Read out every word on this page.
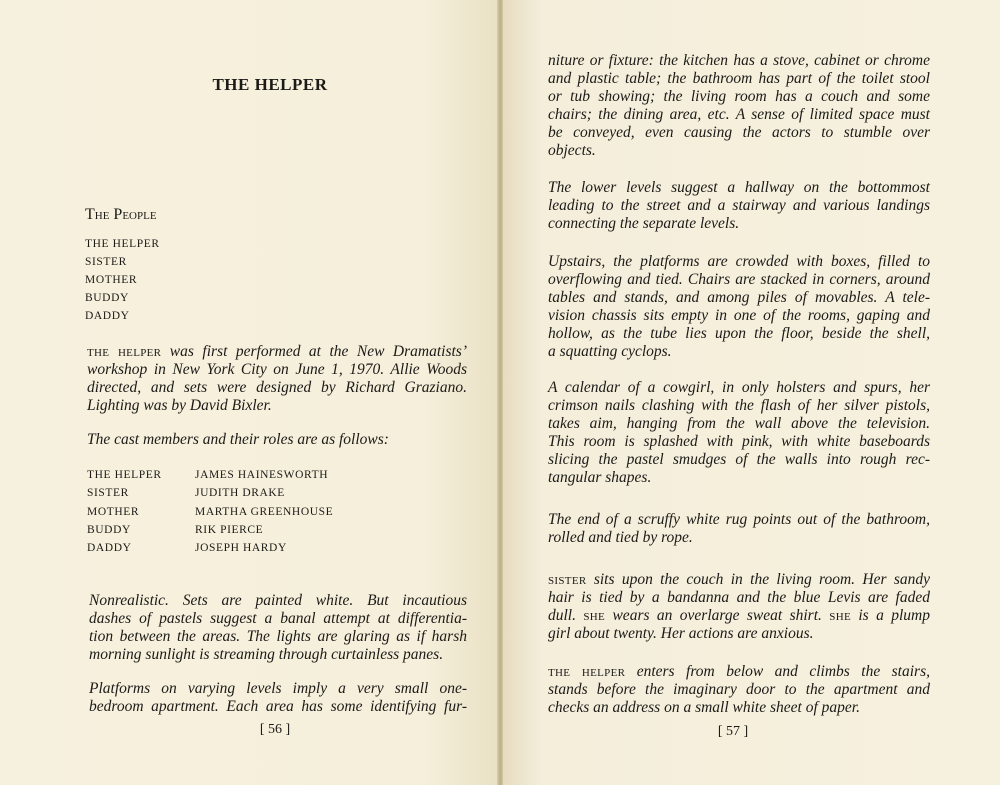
THE HELPER
The People
THE HELPER
SISTER
MOTHER
BUDDY
DADDY
the helper was first performed at the New Dramatists’
workshop in New York City on June 1, 1970. Allie Woods
directed, and sets were designed by Richard Graziano.
Lighting was by David Bixler.
The cast members and their roles are as follows:
THE HELPER	JAMES HAINESWORTH
SISTER	JUDITH DRAKE
MOTHER	MARTHA GREENHOUSE
BUDDY	RIK PIERCE
DADDY	JOSEPH HARDY
Nonrealistic. Sets are painted white. But incautious
dashes of pastels suggest a banal attempt at differentia-
tion between the areas. The lights are glaring as if harsh
morning sunlight is streaming through curtainless panes.
Platforms on varying levels imply a very small one-
bedroom apartment. Each area has some identifying fur-
[ 56 ]
niture or fixture: the kitchen has a stove, cabinet or chrome
and plastic table; the bathroom has part of the toilet stool
or tub showing; the living room has a couch and some
chairs; the dining area, etc. A sense of limited space must
be conveyed, even causing the actors to stumble over
objects.
The lower levels suggest a hallway on the bottommost
leading to the street and a stairway and various landings
connecting the separate levels.
Upstairs, the platforms are crowded with boxes, filled to
overflowing and tied. Chairs are stacked in corners, around
tables and stands, and among piles of movables. A tele-
vision chassis sits empty in one of the rooms, gaping and
hollow, as the tube lies upon the floor, beside the shell,
a squatting cyclops.
A calendar of a cowgirl, in only holsters and spurs, her
crimson nails clashing with the flash of her silver pistols,
takes aim, hanging from the wall above the television.
This room is splashed with pink, with white baseboards
slicing the pastel smudges of the walls into rough rec-
tangular shapes.
The end of a scruffy white rug points out of the bathroom,
rolled and tied by rope.
sister sits upon the couch in the living room. Her sandy
hair is tied by a bandanna and the blue Levis are faded
dull. she wears an overlarge sweat shirt. she is a plump
girl about twenty. Her actions are anxious.
the helper enters from below and climbs the stairs,
stands before the imaginary door to the apartment and
checks an address on a small white sheet of paper.
[ 57 ]
